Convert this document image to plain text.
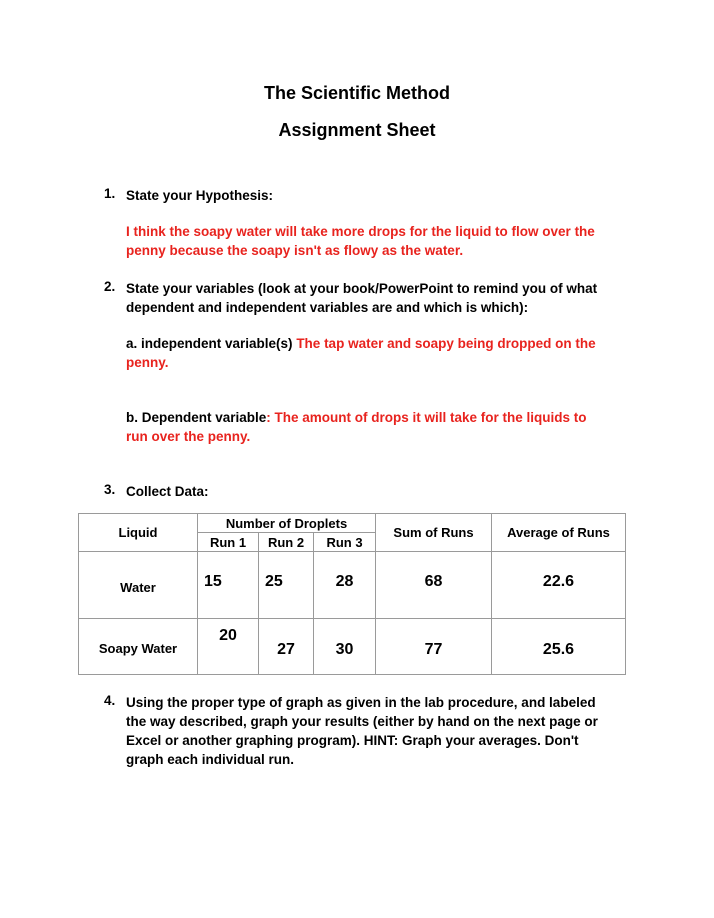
The Scientific Method
Assignment Sheet
1. State your Hypothesis:
I think the soapy water will take more drops for the liquid to flow over the
penny because the soapy isn't as flowy as the water.
2. State your variables (look at your book/PowerPoint to remind you of what
dependent and independent variables are and which is which):
a. independent variable(s) The tap water and soapy being dropped on the
penny.
b. Dependent variable: The amount of drops it will take for the liquids to
run over the penny.
3. Collect Data:
Liquid	Number of Droplets			Sum of Runs	Average of Runs
	Run 1	Run 2	Run 3		
Water	15	25	28	68	22.6
Soapy Water	20	27	30	77	25.6
4. Using the proper type of graph as given in the lab procedure, and labeled
the way described, graph your results (either by hand on the next page or
Excel or another graphing program). HINT: Graph your averages. Don't
graph each individual run.
